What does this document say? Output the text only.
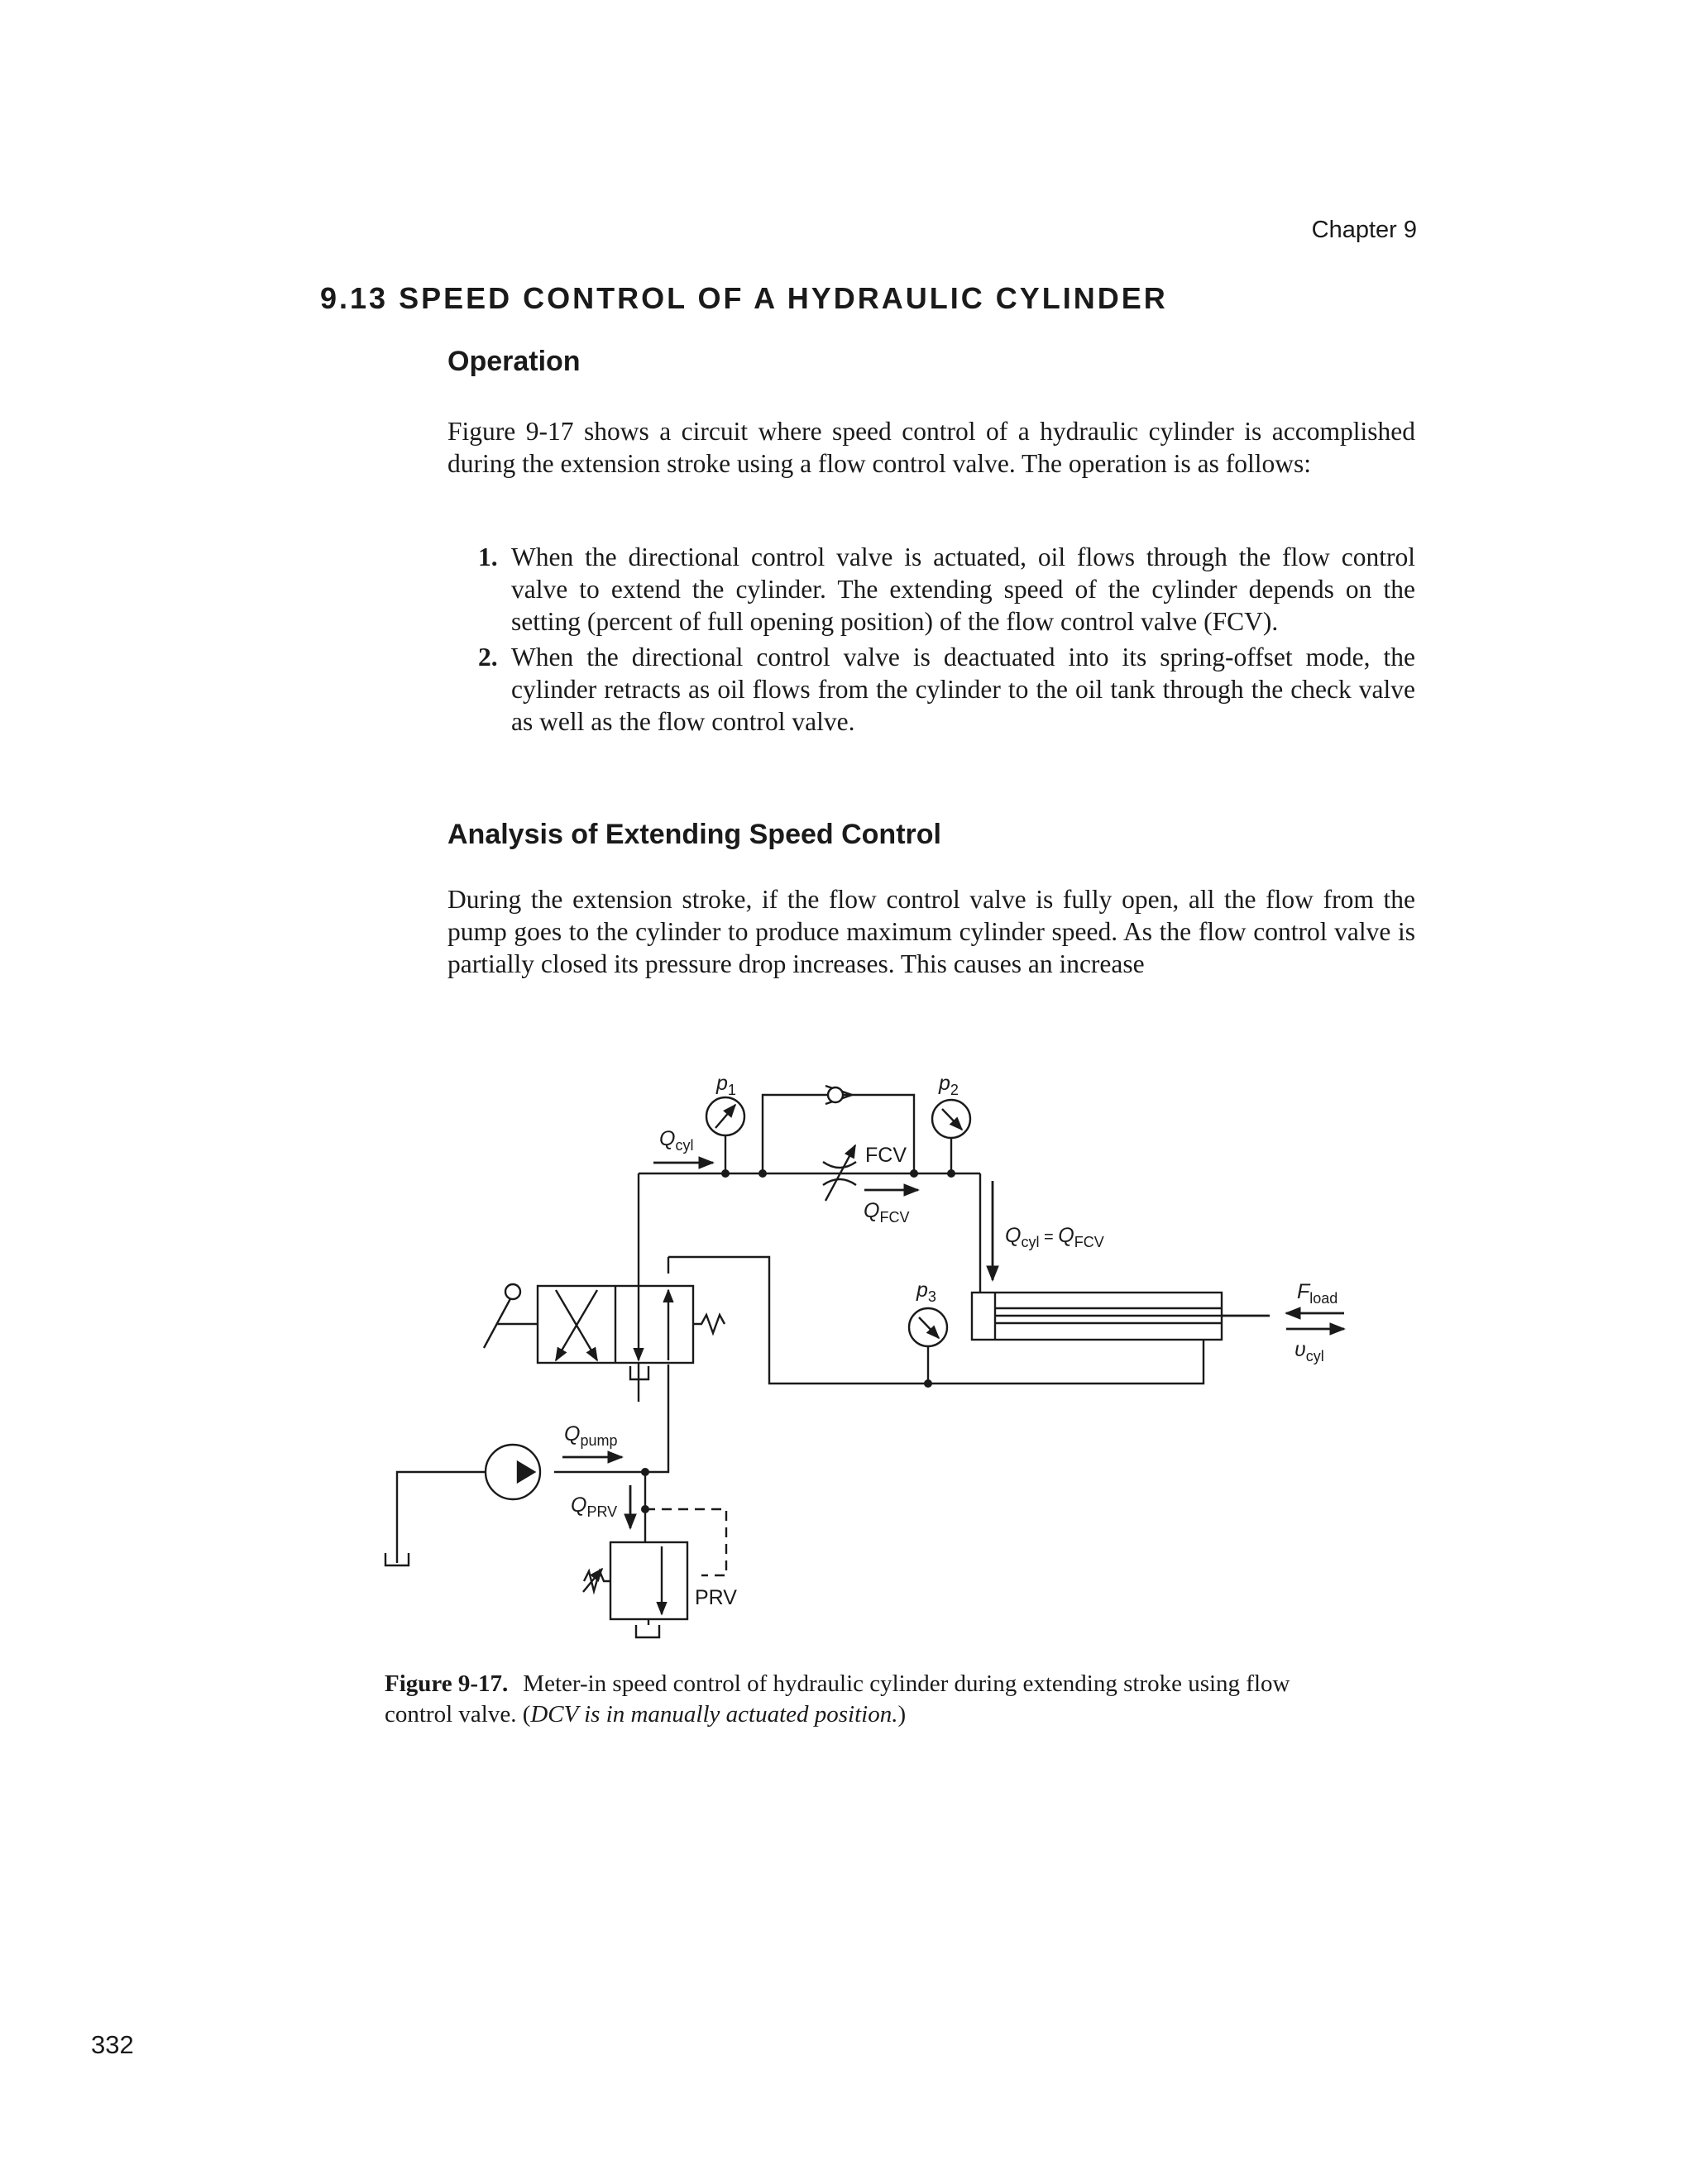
Chapter 9
9.13 SPEED CONTROL OF A HYDRAULIC CYLINDER
Operation
Figure 9-17 shows a circuit where speed control of a hydraulic cylinder is accomplished during the extension stroke using a flow control valve. The operation is as follows:
1. When the directional control valve is actuated, oil flows through the flow control valve to extend the cylinder. The extending speed of the cylinder depends on the setting (percent of full opening position) of the flow control valve (FCV).
2. When the directional control valve is deactuated into its spring-offset mode, the cylinder retracts as oil flows from the cylinder to the oil tank through the check valve as well as the flow control valve.
Analysis of Extending Speed Control
During the extension stroke, if the flow control valve is fully open, all the flow from the pump goes to the cylinder to produce maximum cylinder speed. As the flow control valve is partially closed its pressure drop increases. This causes an increase
$p_1$	$p_2$
$p_3$
$Q_{cyl}$
$Q_{FCV}$
$Q_{cyl}$ = $Q_{FCV}$
$F_{load}$
$\upsilon_{cyl}$
$Q_{pump}$
$Q_{PRV}$
FCV
PRV
Figure 9-17. Meter-in speed control of hydraulic cylinder during extending stroke using flow control valve. (DCV is in manually actuated position.)
332
